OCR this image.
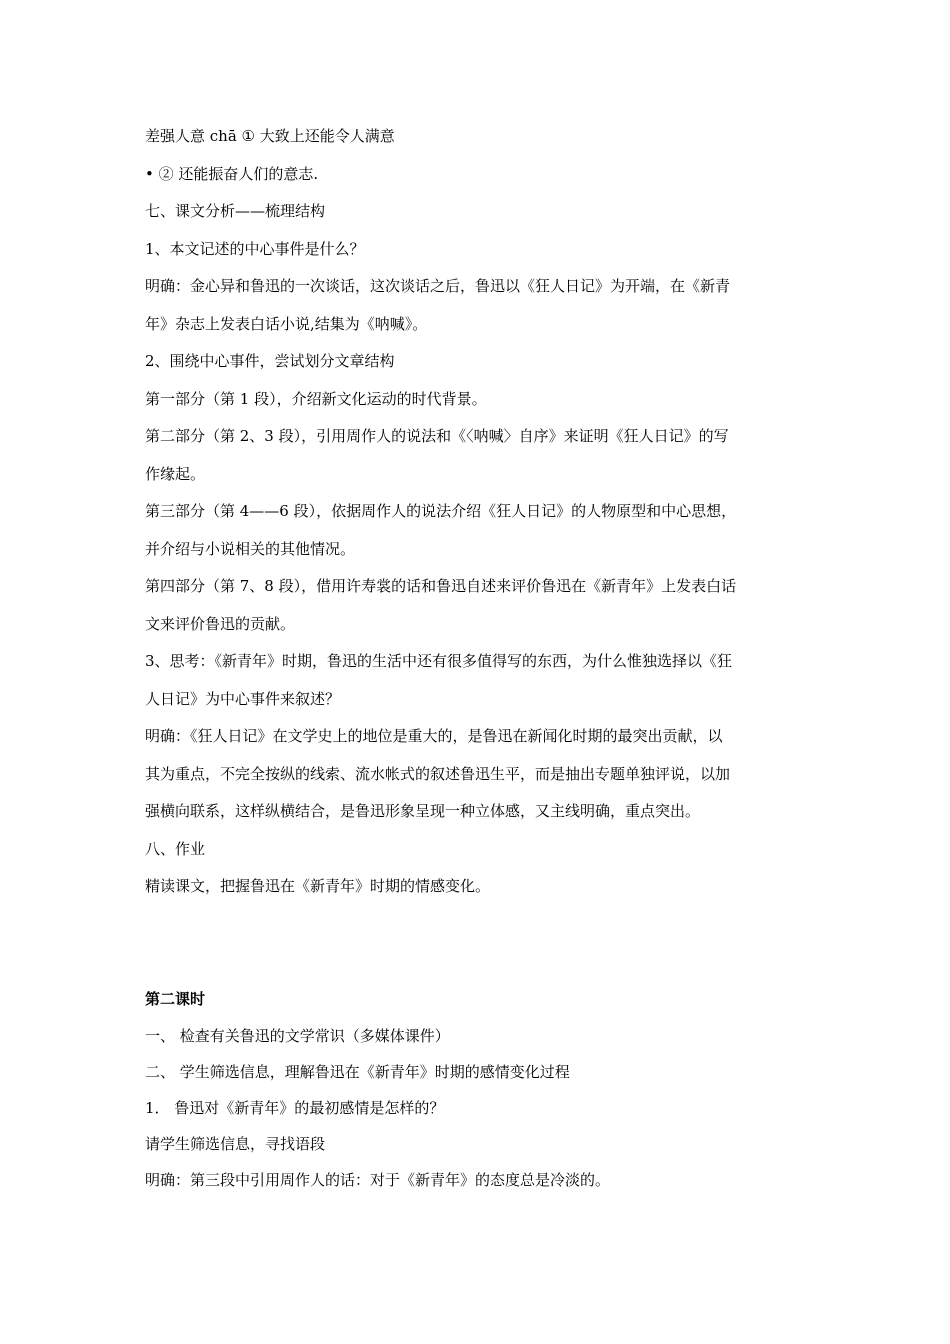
差强人意 chā ① 大致上还能令人满意
• ② 还能振奋人们的意志.
七、课文分析——梳理结构
1、本文记述的中心事件是什么？
明确：金心异和鲁迅的一次谈话，这次谈话之后，鲁迅以《狂人日记》为开端，在《新青
年》杂志上发表白话小说,结集为《呐喊》。
2、围绕中心事件，尝试划分文章结构
第一部分（第 1 段），介绍新文化运动的时代背景。
第二部分（第 2、3 段），引用周作人的说法和《〈呐喊〉自序》来证明《狂人日记》的写
作缘起。
第三部分（第 4——6 段），依据周作人的说法介绍《狂人日记》的人物原型和中心思想，
并介绍与小说相关的其他情况。
第四部分（第 7、8 段），借用许寿裳的话和鲁迅自述来评价鲁迅在《新青年》上发表白话
文来评价鲁迅的贡献。
3、思考：《新青年》时期，鲁迅的生活中还有很多值得写的东西，为什么惟独选择以《狂
人日记》为中心事件来叙述？
明确：《狂人日记》在文学史上的地位是重大的，是鲁迅在新闻化时期的最突出贡献，以
其为重点，不完全按纵的线索、流水帐式的叙述鲁迅生平，而是抽出专题单独评说，以加
强横向联系，这样纵横结合，是鲁迅形象呈现一种立体感，又主线明确，重点突出。
八、作业
精读课文，把握鲁迅在《新青年》时期的情感变化。
第二课时
一、 检查有关鲁迅的文学常识（多媒体课件）
二、 学生筛选信息，理解鲁迅在《新青年》时期的感情变化过程
1． 鲁迅对《新青年》的最初感情是怎样的？
请学生筛选信息，寻找语段
明确：第三段中引用周作人的话：对于《新青年》的态度总是冷淡的。
